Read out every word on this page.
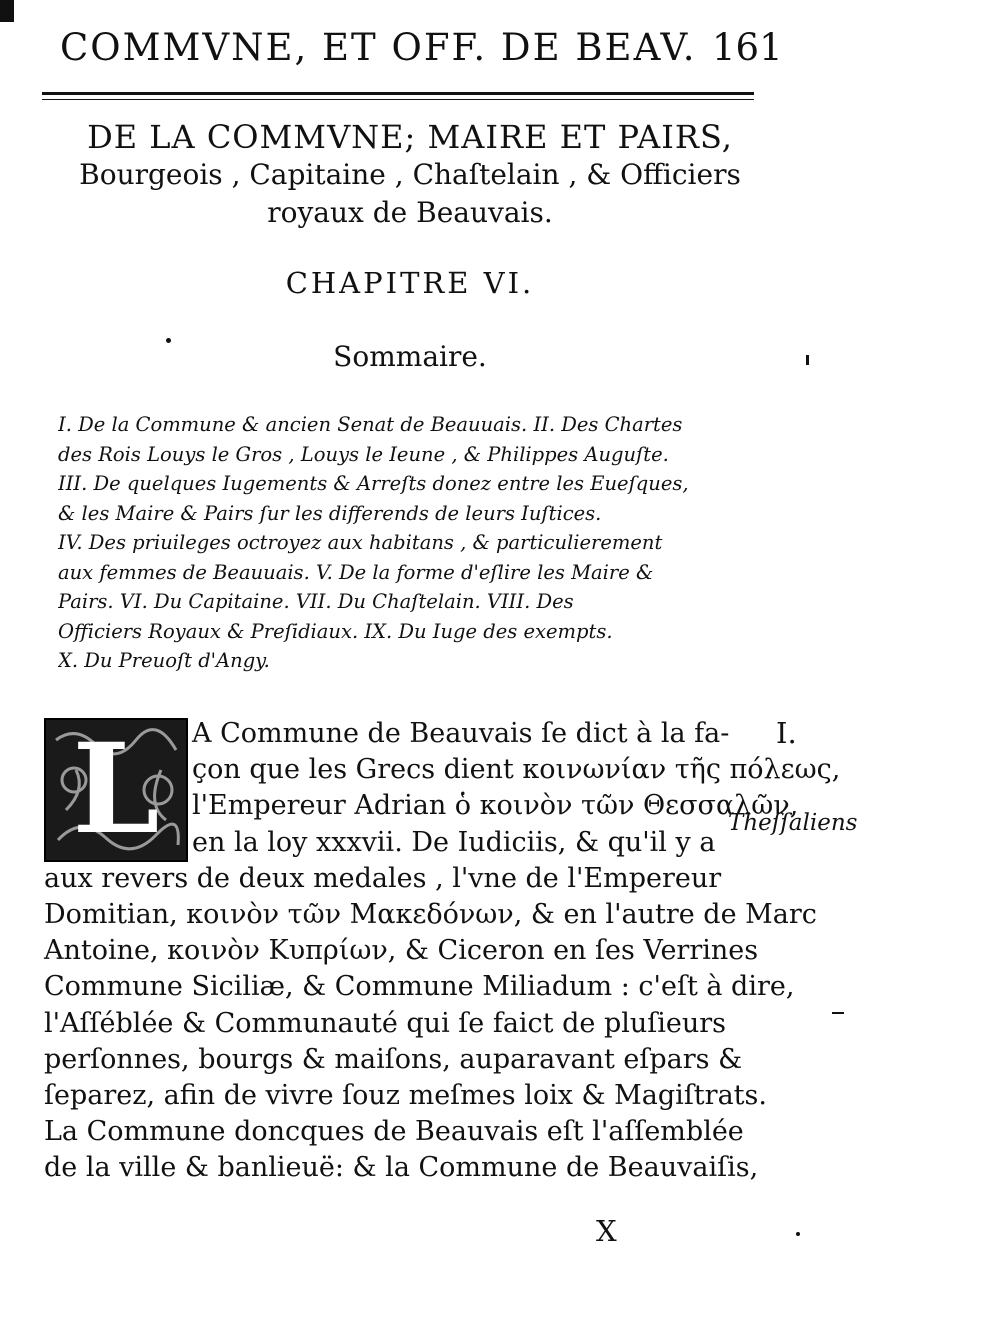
COMMVNE, ET OFF. DE BEAV. 161
DE LA COMMVNE; MAIRE ET PAIRS,
Bourgeois , Capitaine , Chaſtelain , & Officiers
royaux de Beauvais.
CHAPITRE VI.
Sommaire.
I. De la Commune & ancien Senat de Beauuais. II. Des Chartes
des Rois Louys le Gros , Louys le Ieune , & Philippes Auguſte.
III. De quelques Iugements & Arreſts donez entre les Eueſques,
& les Maire & Pairs ſur les differends de leurs Iuſtices.
IV. Des priuileges octroyez aux habitans , & particulierement
aux femmes de Beauuais. V. De la forme d'eſlire les Maire &
Pairs. VI. Du Capitaine. VII. Du Chaſtelain. VIII. Des
Officiers Royaux & Preſidiaux. IX. Du Iuge des exempts.
X. Du Preuoſt d'Angy.
L	A Commune de Beauvais ſe dict à la fa-
çon que les Grecs dient κοινωνίαν τῆς πόλεως,
l'Empereur Adrian ὁ κοινὸν τῶν Θεσσαλῶν,
en la loy xxxvii. De Iudiciis, & qu'il y a
aux revers de deux medales , l'vne de l'Empereur
Domitian, κοινὸν τῶν Μακεδόνων, & en l'autre de Marc
Antoine, κοινὸν Κυπρίων, & Ciceron en ſes Verrines
Commune Siciliæ, & Commune Miliadum : c'eſt à dire,
l'Aſſéblée & Communauté qui ſe faict de pluſieurs
perſonnes, bourgs & maiſons, auparavant eſpars &
ſeparez, afin de vivre ſouz meſmes loix & Magiſtrats.
La Commune doncques de Beauvais eſt l'aſſemblée
de la ville & banlieuë: & la Commune de Beauvaiſis,
I.
Theſſaliens
X
